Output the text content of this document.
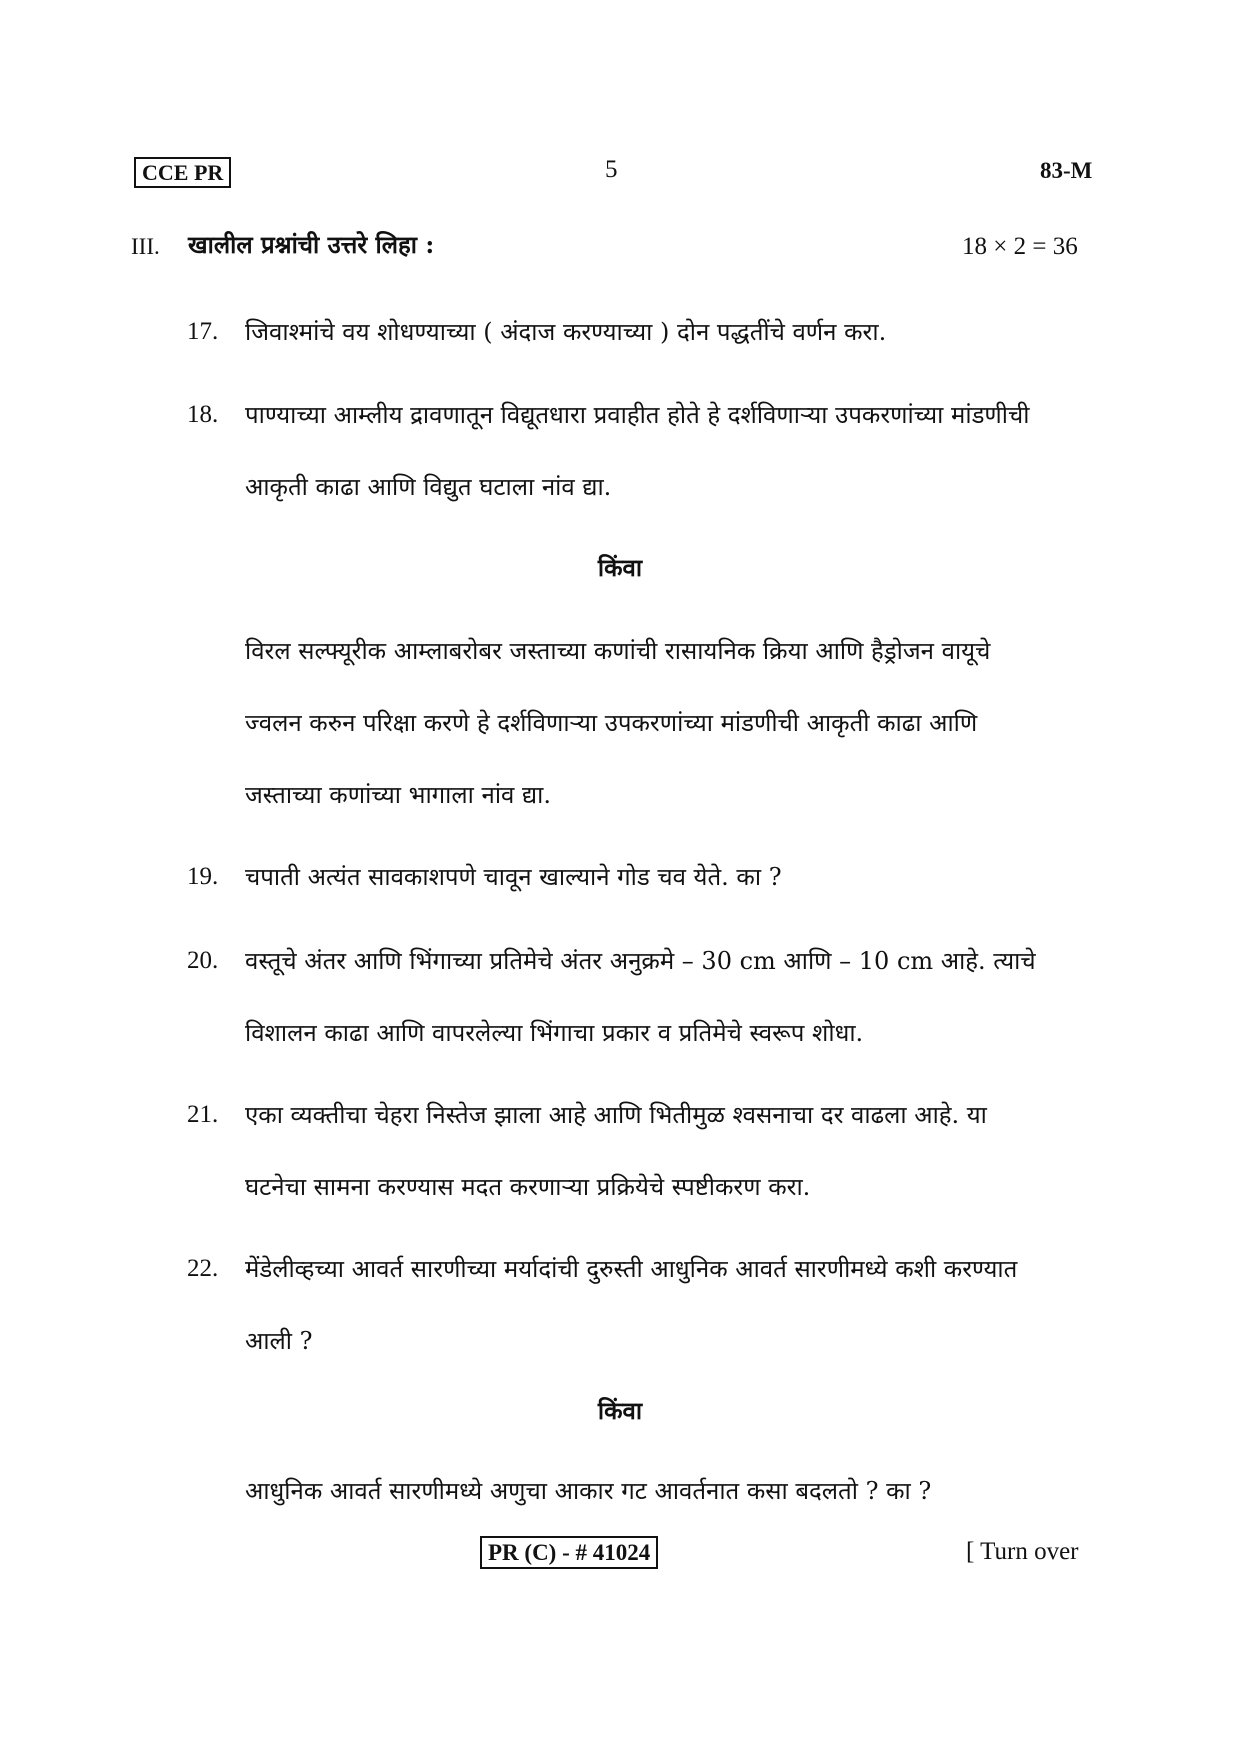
CCE PR	5	83-M
III. खालील प्रश्नांची उत्तरे लिहा :	18 × 2 = 36
17. जिवाश्मांचे वय शोधण्याच्या ( अंदाज करण्याच्या ) दोन पद्धतींचे वर्णन करा.
18. पाण्याच्या आम्लीय द्रावणातून विद्यूतधारा प्रवाहीत होते हे दर्शविणाऱ्या उपकरणांच्या मांडणीची
आकृती काढा आणि विद्युत घटाला नांव द्या.
किंवा
विरल सल्फ्यूरीक आम्लाबरोबर जस्ताच्या कणांची रासायनिक क्रिया आणि हैड्रोजन वायूचे
ज्वलन करुन परिक्षा करणे हे दर्शविणाऱ्या उपकरणांच्या मांडणीची आकृती काढा आणि
जस्ताच्या कणांच्या भागाला नांव द्या.
19. चपाती अत्यंत सावकाशपणे चावून खाल्याने गोड चव येते. का ?
20. वस्तूचे अंतर आणि भिंगाच्या प्रतिमेचे अंतर अनुक्रमे – 30 cm आणि – 10 cm आहे. त्याचे
विशालन काढा आणि वापरलेल्या भिंगाचा प्रकार व प्रतिमेचे स्वरूप शोधा.
21. एका व्यक्तीचा चेहरा निस्तेज झाला आहे आणि भितीमुळ श्वसनाचा दर वाढला आहे. या
घटनेचा सामना करण्यास मदत करणाऱ्या प्रक्रियेचे स्पष्टीकरण करा.
22. मेंडेलीव्हच्या आवर्त सारणीच्या मर्यादांची दुरुस्ती आधुनिक आवर्त सारणीमध्ये कशी करण्यात
आली ?
किंवा
आधुनिक आवर्त सारणीमध्ये अणुचा आकार गट आवर्तनात कसा बदलतो ? का ?
PR (C) - # 41024	[ Turn over
